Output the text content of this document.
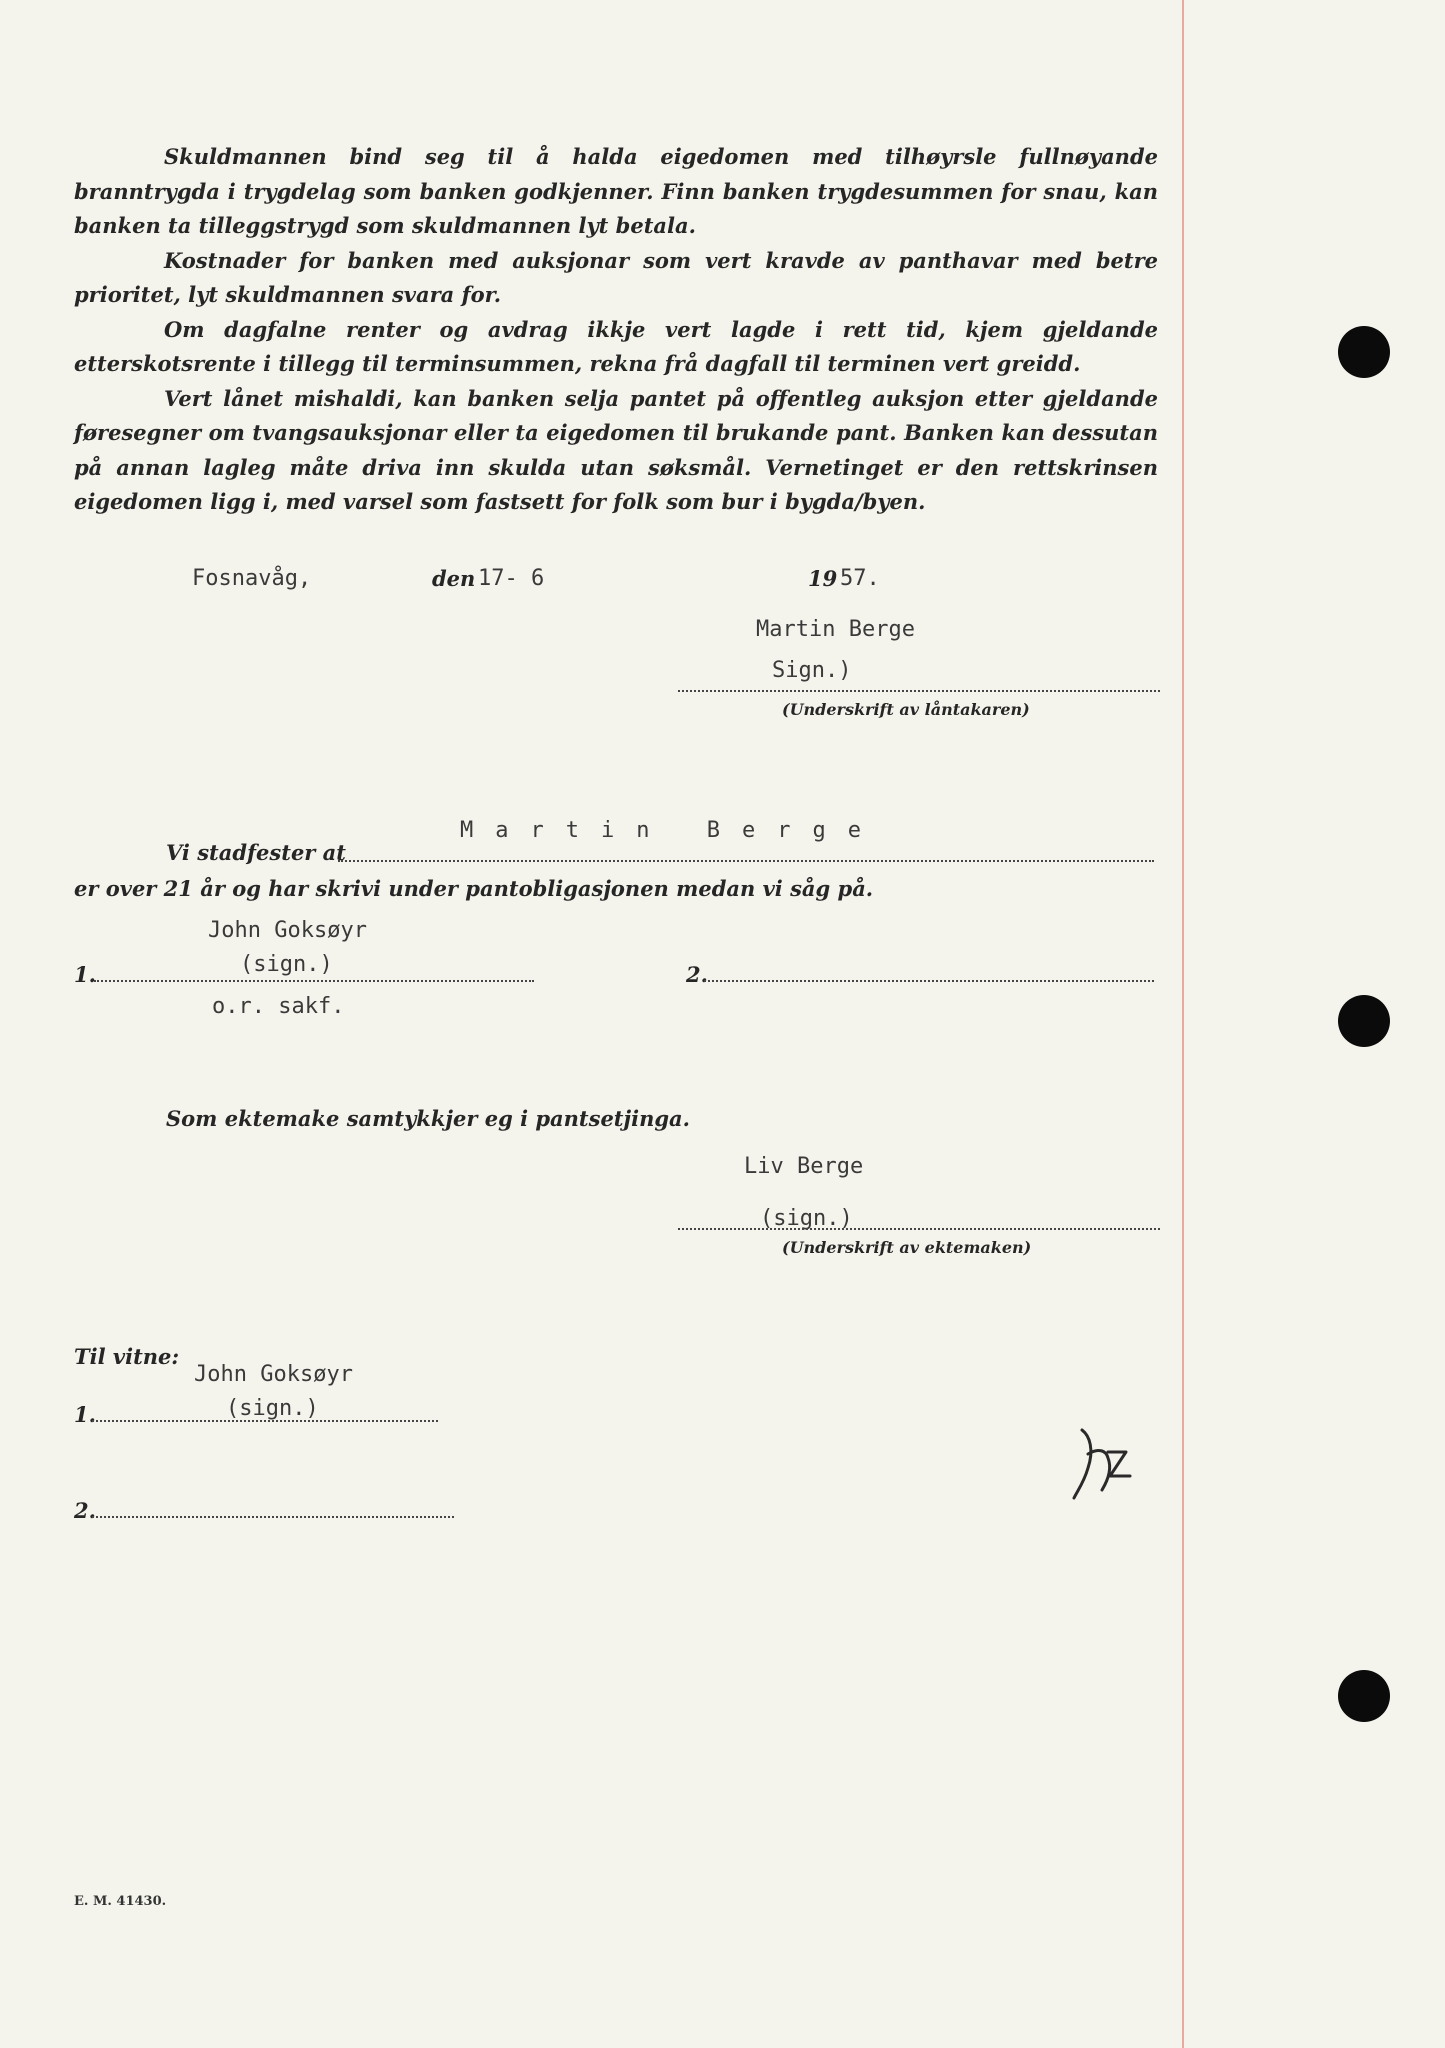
Skuldmannen bind seg til å halda eigedomen med tilhøyrsle fullnøyande branntrygda i trygdelag som banken godkjenner. Finn banken trygdesummen for snau, kan banken ta tilleggstrygd som skuldmannen lyt betala.

Kostnader for banken med auksjonar som vert kravde av panthavar med betre prioritet, lyt skuldmannen svara for.

Om dagfalne renter og avdrag ikkje vert lagde i rett tid, kjem gjeldande etterskotsrente i tillegg til terminsummen, rekna frå dagfall til terminen vert greidd.

Vert lånet mishaldi, kan banken selja pantet på offentleg auksjon etter gjeldande føresegner om tvangsauksjonar eller ta eigedomen til brukande pant. Banken kan dessutan på annan lagleg måte driva inn skulda utan søksmål. Vernetinget er den rettskrinsen eigedomen ligg i, med varsel som fastsett for folk som bur i bygda/byen.

Fosnavåg,	den 17- 6	19 57.
Martin Berge
Sign.)
(Underskrift av låntakaren)
Vi stadfester at
Martin Berge
er over 21 år og har skrivi under pantobligasjonen medan vi såg på.
John Goksøyr
(sign.)
1.	2.
o.r. sakf.
Som ektemake samtykkjer eg i pantsetjinga.
Liv Berge
(sign.)
(Underskrift av ektemaken)
Til vitne:
John Goksøyr
1.	(sign.)
2.
E. M. 41430.
